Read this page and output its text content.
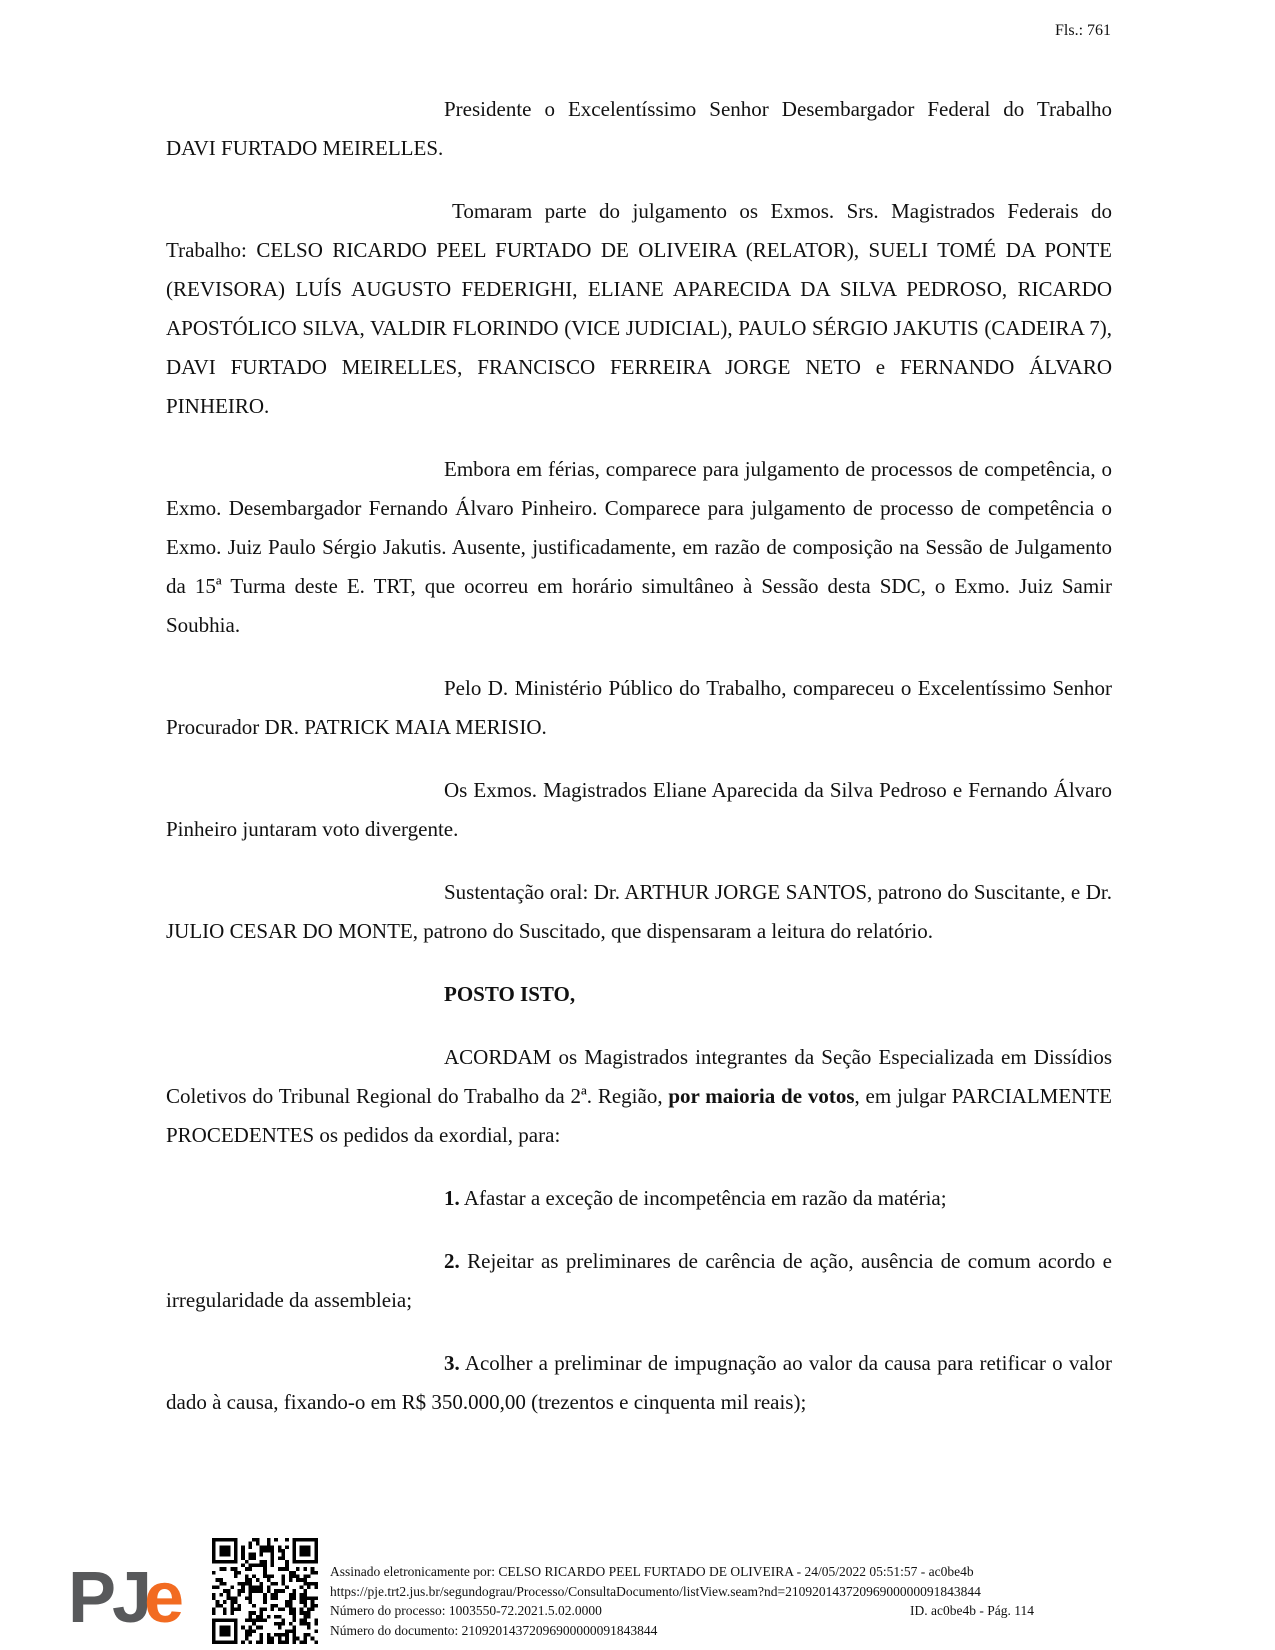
Fls.: 761

Presidente o Excelentíssimo Senhor Desembargador Federal do Trabalho DAVI FURTADO MEIRELLES.

Tomaram parte do julgamento os Exmos. Srs. Magistrados Federais do Trabalho: CELSO RICARDO PEEL FURTADO DE OLIVEIRA (RELATOR), SUELI TOMÉ DA PONTE (REVISORA) LUÍS AUGUSTO FEDERIGHI, ELIANE APARECIDA DA SILVA PEDROSO, RICARDO APOSTÓLICO SILVA, VALDIR FLORINDO (VICE JUDICIAL), PAULO SÉRGIO JAKUTIS (CADEIRA 7), DAVI FURTADO MEIRELLES, FRANCISCO FERREIRA JORGE NETO e FERNANDO ÁLVARO PINHEIRO.

Embora em férias, comparece para julgamento de processos de competência, o Exmo. Desembargador Fernando Álvaro Pinheiro. Comparece para julgamento de processo de competência o Exmo. Juiz Paulo Sérgio Jakutis. Ausente, justificadamente, em razão de composição na Sessão de Julgamento da 15ª Turma deste E. TRT, que ocorreu em horário simultâneo à Sessão desta SDC, o Exmo. Juiz Samir Soubhia.

Pelo D. Ministério Público do Trabalho, compareceu o Excelentíssimo Senhor Procurador DR. PATRICK MAIA MERISIO.

Os Exmos. Magistrados Eliane Aparecida da Silva Pedroso e Fernando Álvaro Pinheiro juntaram voto divergente.

Sustentação oral: Dr. ARTHUR JORGE SANTOS, patrono do Suscitante, e Dr. JULIO CESAR DO MONTE, patrono do Suscitado, que dispensaram a leitura do relatório.

POSTO ISTO,

ACORDAM os Magistrados integrantes da Seção Especializada em Dissídios Coletivos do Tribunal Regional do Trabalho da 2ª. Região, por maioria de votos, em julgar PARCIALMENTE PROCEDENTES os pedidos da exordial, para:

1. Afastar a exceção de incompetência em razão da matéria;

2. Rejeitar as preliminares de carência de ação, ausência de comum acordo e irregularidade da assembleia;

3. Acolher a preliminar de impugnação ao valor da causa para retificar o valor dado à causa, fixando-o em R$ 350.000,00 (trezentos e cinquenta mil reais);

P
J
e	Assinado eletronicamente por: CELSO RICARDO PEEL FURTADO DE OLIVEIRA - 24/05/2022 05:51:57 - ac0be4b
https://pje.trt2.jus.br/segundograu/Processo/ConsultaDocumento/listView.seam?nd=21092014372096900000091843844
Número do processo: 1003550-72.2021.5.02.0000	ID. ac0be4b - Pág. 114
Número do documento: 21092014372096900000091843844
